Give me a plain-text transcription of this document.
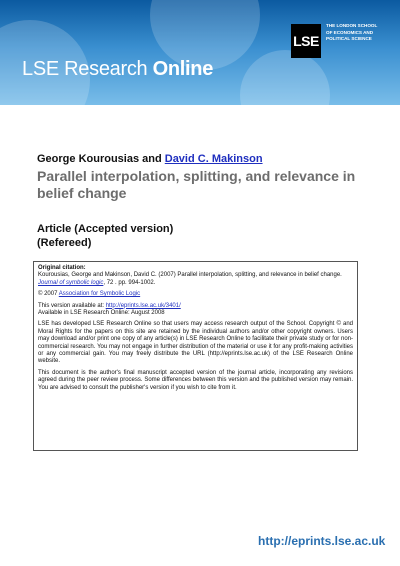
LSE
THE LONDON SCHOOL
OF ECONOMICS AND
POLITICAL SCIENCE
LSE Research Online
George Kourousias and David C. Makinson
Parallel interpolation, splitting, and relevance in belief change
Article (Accepted version)
(Refereed)

Original citation:
Kourousias, George and Makinson, David C. (2007) Parallel interpolation, splitting, and relevance in belief change. Journal of symbolic logic, 72 . pp. 994-1002.

© 2007 Association for Symbolic Logic

This version available at: http://eprints.lse.ac.uk/3401/
Available in LSE Research Online: August 2008

LSE has developed LSE Research Online so that users may access research output of the School. Copyright © and Moral Rights for the papers on this site are retained by the individual authors and/or other copyright owners. Users may download and/or print one copy of any article(s) in LSE Research Online to facilitate their private study or for non-commercial research. You may not engage in further distribution of the material or use it for any profit-making activities or any commercial gain. You may freely distribute the URL (http://eprints.lse.ac.uk) of the LSE Research Online website.

This document is the author's final manuscript accepted version of the journal article, incorporating any revisions agreed during the peer review process. Some differences between this version and the published version may remain. You are advised to consult the publisher's version if you wish to cite from it.

http://eprints.lse.ac.uk
